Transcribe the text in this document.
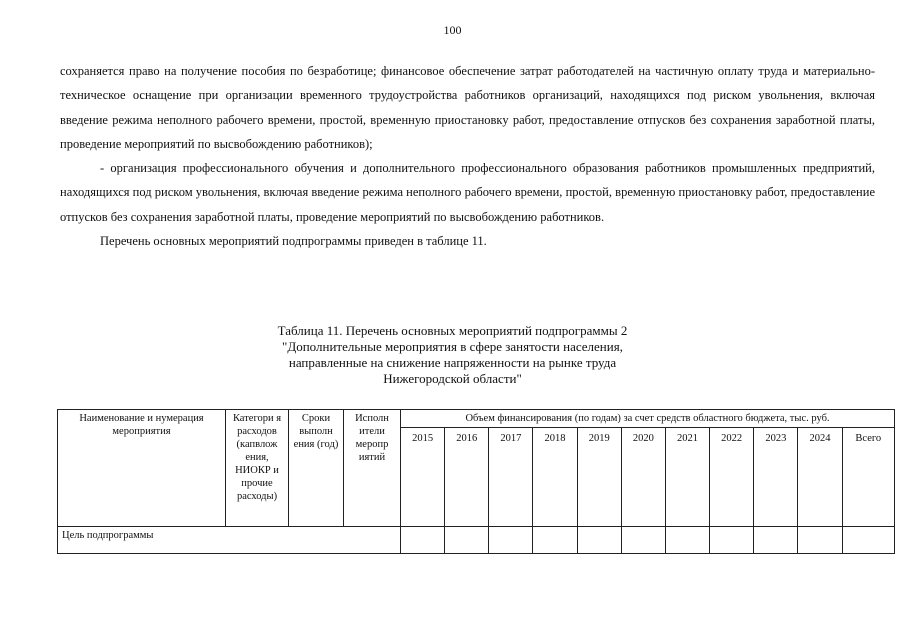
100

сохраняется право на получение пособия по безработице; финансовое обеспечение затрат работодателей на частичную оплату труда и материально-техническое оснащение при организации временного трудоустройства работников организаций, находящихся под риском увольнения, включая введение режима неполного рабочего времени, простой, временную приостановку работ, предоставление отпусков без сохранения заработной платы, проведение мероприятий по высвобождению работников);

- организация профессионального обучения и дополнительного профессионального образования работников промышленных предприятий, находящихся под риском увольнения, включая введение режима неполного рабочего времени, простой, временную приостановку работ, предоставление отпусков без сохранения заработной платы, проведение мероприятий по высвобождению работников.

Перечень основных мероприятий подпрограммы приведен в таблице 11.

Таблица 11. Перечень основных мероприятий подпрограммы 2
"Дополнительные мероприятия в сфере занятости населения,
направленные на снижение напряженности на рынке труда
Нижегородской области"
Наименование и нумерация мероприятия	Категори я расходов (капвлож ения, НИОКР и прочие расходы)	Сроки выполн ения (год)	Исполн ители меропр иятий	Объем финансирования (по годам) за счет средств областного бюджета, тыс. руб.										
				2015	2016	2017	2018	2019	2020	2021	2022	2023	2024	Всего
Цель подпрограммы														
